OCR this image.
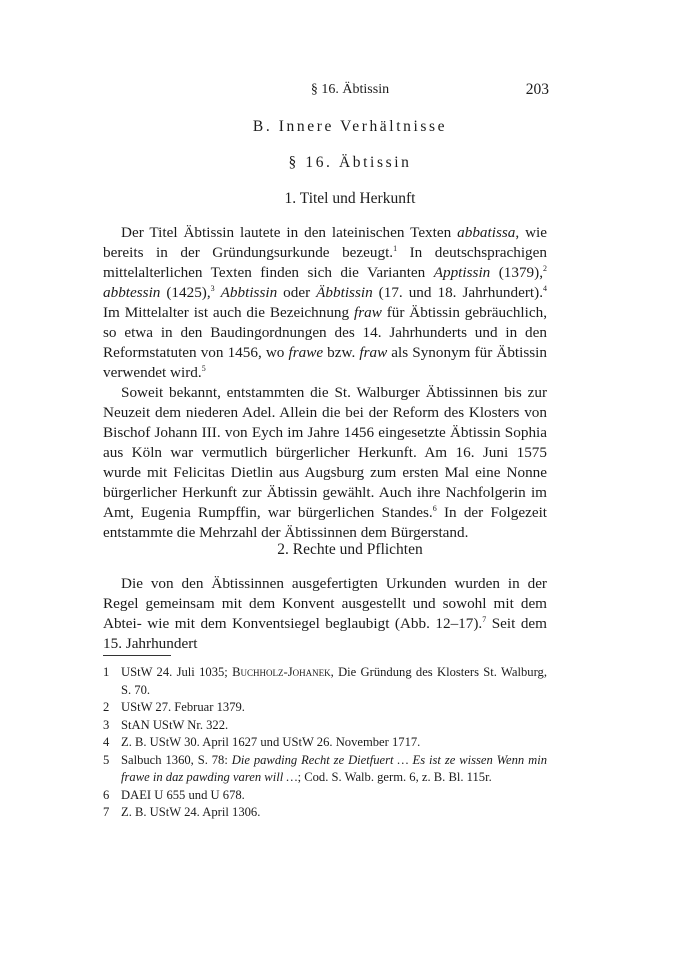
§ 16. Äbtissin	203
B. Innere Verhältnisse
§ 16. Äbtissin
1. Titel und Herkunft

Der Titel Äbtissin lautete in den lateinischen Texten abbatissa, wie bereits in der Gründungsurkunde bezeugt.$^1$ In deutschsprachigen mittelalterlichen Texten finden sich die Varianten Apptissin (1379),$^2$ abbtessin (1425),$^3$ Abbtissin oder Äbbtissin (17. und 18. Jahrhundert).$^4$ Im Mittelalter ist auch die Bezeichnung fraw für Äbtissin gebräuchlich, so etwa in den Baudingordnungen des 14. Jahrhunderts und in den Reformstatuten von 1456, wo frawe bzw. fraw als Synonym für Äbtissin verwendet wird.$^5$

Soweit bekannt, entstammten die St. Walburger Äbtissinnen bis zur Neuzeit dem niederen Adel. Allein die bei der Reform des Klosters von Bischof Johann III. von Eych im Jahre 1456 eingesetzte Äbtissin Sophia aus Köln war vermutlich bürgerlicher Herkunft. Am 16. Juni 1575 wurde mit Felicitas Dietlin aus Augsburg zum ersten Mal eine Nonne bürgerlicher Herkunft zur Äbtissin gewählt. Auch ihre Nachfolgerin im Amt, Eugenia Rumpffin, war bürgerlichen Standes.$^6$ In der Folgezeit entstammte die Mehrzahl der Äbtissinnen dem Bürgerstand.

2. Rechte und Pflichten

Die von den Äbtissinnen ausgefertigten Urkunden wurden in der Regel gemeinsam mit dem Konvent ausgestellt und sowohl mit dem Abtei- wie mit dem Konventsiegel beglaubigt (Abb. 12–17).$^7$ Seit dem 15. Jahrhundert

1 UStW 24. Juli 1035; Buchholz-Johanek, Die Gründung des Klosters St. Walburg, S. 70.
2 UStW 27. Februar 1379.
3 StAN UStW Nr. 322.
4 Z. B. UStW 30. April 1627 und UStW 26. November 1717.
5 Salbuch 1360, S. 78: Die pawding Recht ze Dietfuert … Es ist ze wissen Wenn min frawe in daz pawding varen will …; Cod. S. Walb. germ. 6, z. B. Bl. 115r.
6 DAEI U 655 und U 678.
7 Z. B. UStW 24. April 1306.
